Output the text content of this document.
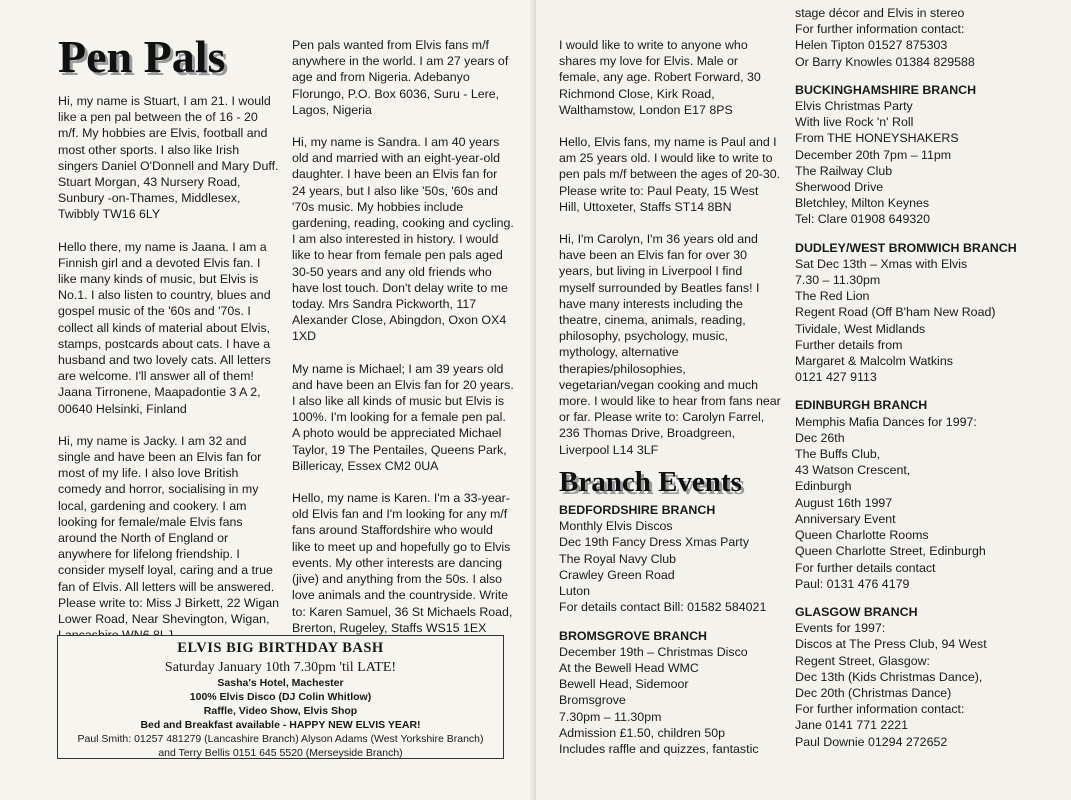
Pen Pals

Hi, my name is Stuart, I am 21. I would like a pen pal between the of 16 - 20 m/f. My hobbies are Elvis, football and most other sports. I also like Irish singers Daniel O'Donnell and Mary Duff. Stuart Morgan, 43 Nursery Road, Sunbury -on-Thames, Middlesex, Twibbly TW16 6LY

Hello there, my name is Jaana. I am a Finnish girl and a devoted Elvis fan. I like many kinds of music, but Elvis is No.1. I also listen to country, blues and gospel music of the '60s and '70s. I collect all kinds of material about Elvis, stamps, postcards about cats. I have a husband and two lovely cats. All letters are welcome. I'll answer all of them! Jaana Tirronene, Maapadontie 3 A 2, 00640 Helsinki, Finland

Hi, my name is Jacky. I am 32 and single and have been an Elvis fan for most of my life. I also love British comedy and horror, socialising in my local, gardening and cookery. I am looking for female/male Elvis fans around the North of England or anywhere for lifelong friendship. I consider myself loyal, caring and a true fan of Elvis. All letters will be answered. Please write to: Miss J Birkett, 22 Wigan Lower Road, Near Shevington, Wigan,

Pen pals wanted from Elvis fans m/f anywhere in the world. I am 27 years of age and from Nigeria. Adebanyo Florungo, P.O. Box 6036, Suru - Lere, Lagos, Nigeria

Hi, my name is Sandra. I am 40 years old and married with an eight-year-old daughter. I have been an Elvis fan for 24 years, but I also like '50s, '60s and '70s music. My hobbies include gardening, reading, cooking and cycling. I am also interested in history. I would like to hear from female pen pals aged 30-50 years and any old friends who have lost touch. Don't delay write to me today. Mrs Sandra Pickworth, 117 Alexander Close, Abingdon, Oxon OX4 1XD

My name is Michael; I am 39 years old and have been an Elvis fan for 20 years. I also like all kinds of music but Elvis is 100%. I'm looking for a female pen pal. A photo would be appreciated Michael Taylor, 19 The Pentailes, Queens Park, Billericay, Essex CM2 0UA

Hello, my name is Karen. I'm a 33-year-old Elvis fan and I'm looking for any m/f fans around Staffordshire who would like to meet up and hopefully go to Elvis events. My other interests are dancing (jive) and anything from the 50s. I also love animals and the countryside. Write to: Karen Samuel, 36 St Michaels Road, Brerton, Rugeley, Staffs WS15 1EX

ELVIS BIG BIRTHDAY BASH
Saturday January 10th 7.30pm 'til LATE!
Sasha's Hotel, Machester
100% Elvis Disco (DJ Colin Whitlow)
Raffle, Video Show, Elvis Shop
Bed and Breakfast available - HAPPY NEW ELVIS YEAR!
Paul Smith: 01257 481279 (Lancashire Branch) Alyson Adams (West Yorkshire Branch)
and Terry Bellis 0151 645 5520 (Merseyside Branch)

I would like to write to anyone who shares my love for Elvis. Male or female, any age. Robert Forward, 30 Richmond Close, Kirk Road, Walthamstow, London E17 8PS

Hello, Elvis fans, my name is Paul and I am 25 years old. I would like to write to pen pals m/f between the ages of 20-30. Please write to: Paul Peaty, 15 West Hill, Uttoxeter, Staffs ST14 8BN

Hi, I'm Carolyn, I'm 36 years old and have been an Elvis fan for over 30 years, but living in Liverpool I find myself surrounded by Beatles fans! I have many interests including the theatre, cinema, animals, reading, philosophy, psychology, music, mythology, alternative therapies/philosophies, vegetarian/vegan cooking and much more. I would like to hear from fans near or far. Please write to: Carolyn Farrel, 236 Thomas Drive, Broadgreen, Liverpool L14 3LF

Branch Events
BEDFORDSHIRE BRANCH
Monthly Elvis Discos
Dec 19th Fancy Dress Xmas Party
The Royal Navy Club
Crawley Green Road
Luton
For details contact Bill: 01582 584021
BROMSGROVE BRANCH
December 19th – Christmas Disco
At the Bewell Head WMC
Bewell Head, Sidemoor
Bromsgrove
7.30pm – 11.30pm
Admission £1.50, children 50p
Includes raffle and quizzes, fantastic
stage décor and Elvis in stereo
For further information contact:
Helen Tipton 01527 875303
Or Barry Knowles 01384 829588
BUCKINGHAMSHIRE BRANCH
Elvis Christmas Party
With live Rock 'n' Roll
From THE HONEYSHAKERS
December 20th 7pm – 11pm
The Railway Club
Sherwood Drive
Bletchley, Milton Keynes
Tel: Clare 01908 649320
DUDLEY/WEST BROMWICH BRANCH
Sat Dec 13th – Xmas with Elvis
7.30 – 11.30pm
The Red Lion
Regent Road (Off B'ham New Road)
Tividale, West Midlands
Further details from
Margaret & Malcolm Watkins
0121 427 9113
EDINBURGH BRANCH
Memphis Mafia Dances for 1997:
Dec 26th
The Buffs Club,
43 Watson Crescent,
Edinburgh
August 16th 1997
Anniversary Event
Queen Charlotte Rooms
Queen Charlotte Street, Edinburgh
For further details contact
Paul: 0131 476 4179
GLASGOW BRANCH
Events for 1997:
Discos at The Press Club, 94 West
Regent Street, Glasgow:
Dec 13th (Kids Christmas Dance),
Dec 20th (Christmas Dance)
For further information contact:
Jane 0141 771 2221
Paul Downie 01294 272652
